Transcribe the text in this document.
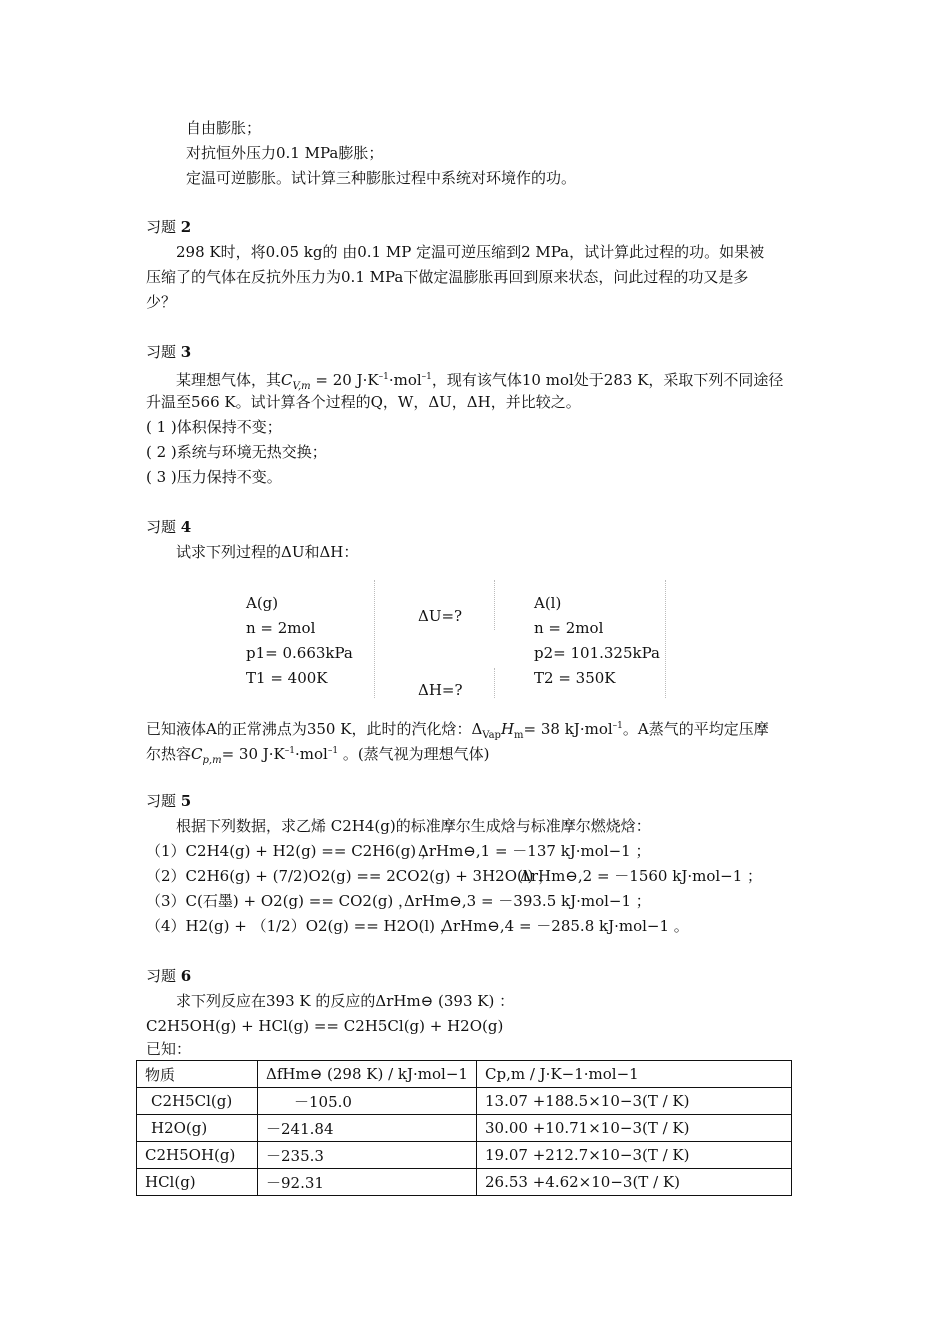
自由膨胀；
对抗恒外压力0.1 MPa膨胀；
定温可逆膨胀。试计算三种膨胀过程中系统对环境作的功。
习题 2
298 K时，将0.05 kg的 由0.1 MP 定温可逆压缩到2 MPa，试计算此过程的功。如果被
压缩了的气体在反抗外压力为0.1 MPa下做定温膨胀再回到原来状态，问此过程的功又是多
少？
习题 3
某理想气体，其$C_{V,m} = 20$ $J\cdot K^{-1}\cdot mol^{-1}$，现有该气体10 mol处于283 K，采取下列不同途径
升温至566 K。试计算各个过程的Q，W，ΔU，ΔH，并比较之。
( 1 )体积保持不变；
( 2 )系统与环境无热交换；
( 3 )压力保持不变。
习题 4
试求下列过程的ΔU和ΔH：
A(g)
n = 2mol
p1= 0.663kPa
T1 = 400K
ΔU=?
ΔH=?
A(l)
n = 2mol
p2= 101.325kPa
T2 = 350K
已知液体A的正常沸点为350 K，此时的汽化焓：$\Delta_{Vap}H_m= 38$ kJ·mol$^{-1}$。A蒸气的平均定压摩
尔热容$C_{p,m}= 30$ $J\cdot K^{-1}\cdot mol^{-1}$ 。(蒸气视为理想气体)
习题 5
根据下列数据，求乙烯 C2H4(g)的标准摩尔生成焓与标准摩尔燃烧焓：
（1）C2H4(g) + H2(g) == C2H6(g) ，
ΔrHm⊖,1 = －137 kJ·mol−1 ；
（2）C2H6(g) + (7/2)O2(g) == 2CO2(g) + 3H2O(l) ，
ΔrHm⊖,2 = －1560 kJ·mol−1 ；
（3）C(石墨) + O2(g) == CO2(g) ，
ΔrHm⊖,3 = －393.5 kJ·mol−1 ；
（4）H2(g) + （1/2）O2(g) == H2O(l) ，
ΔrHm⊖,4 = －285.8 kJ·mol−1 。
习题 6
求下列反应在393 K 的反应的ΔrHm⊖ (393 K) ：
C2H5OH(g) + HCl(g) == C2H5Cl(g) + H2O(g)
已知：
物质	ΔfHm⊖ (298 K) / kJ·mol−1	Cp,m / J·K−1·mol−1
C2H5Cl(g)	－105.0	13.07 +188.5×10−3(T / K)
H2O(g)	－241.84	30.00 +10.71×10−3(T / K)
C2H5OH(g)	－235.3	19.07 +212.7×10−3(T / K)
HCl(g)	－92.31	26.53 +4.62×10−3(T / K)
